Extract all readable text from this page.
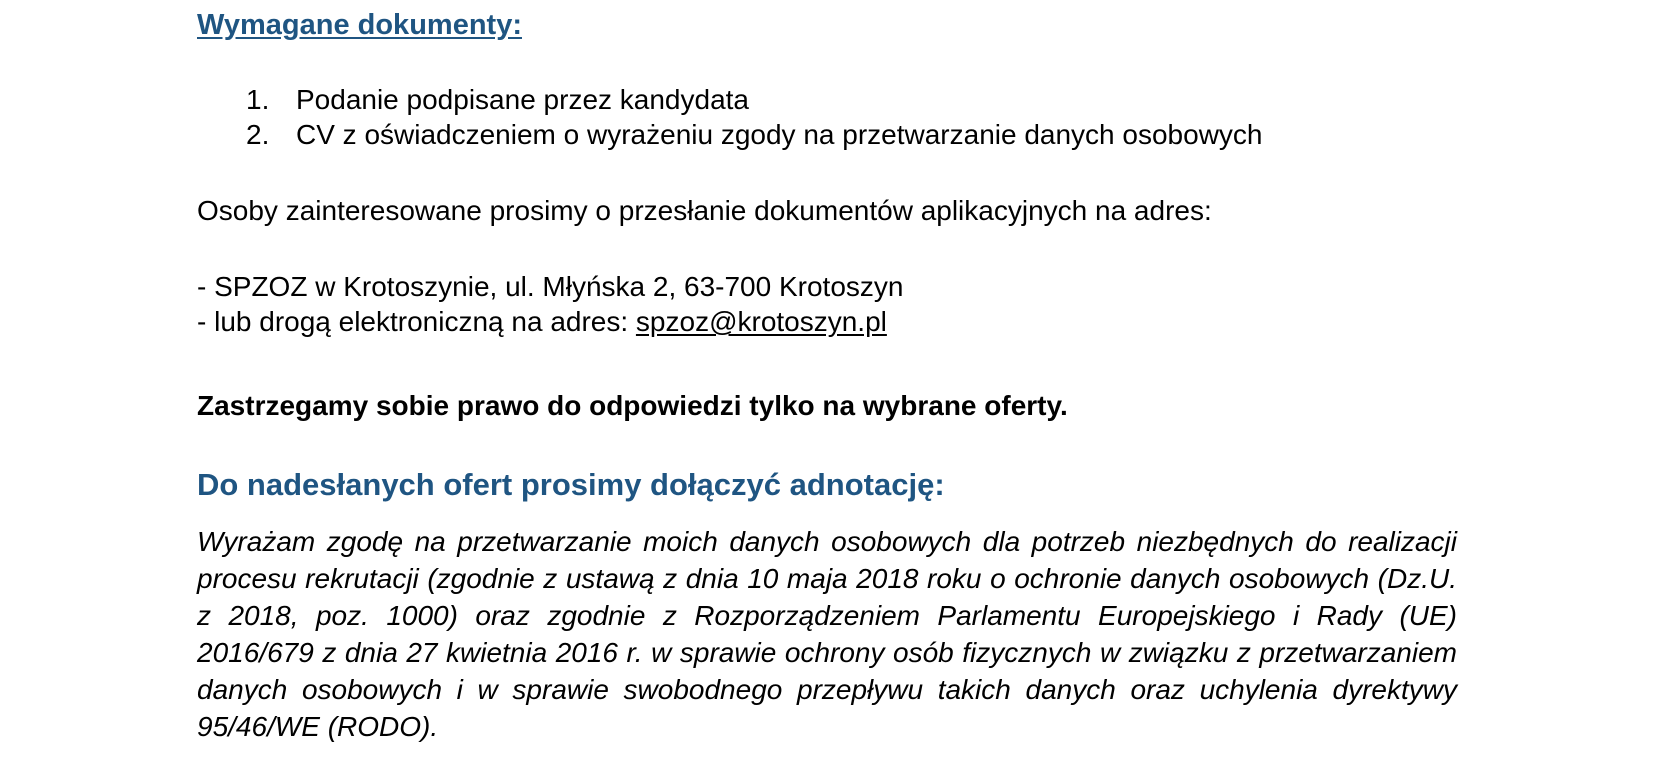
Wymagane dokumenty:
1. Podanie podpisane przez kandydata
2. CV z oświadczeniem o wyrażeniu zgody na przetwarzanie danych osobowych
Osoby zainteresowane prosimy o przesłanie dokumentów aplikacyjnych na adres:
- SPZOZ w Krotoszynie, ul. Młyńska 2, 63-700 Krotoszyn
- lub drogą elektroniczną na adres: spzoz@krotoszyn.pl
Zastrzegamy sobie prawo do odpowiedzi tylko na wybrane oferty.
Do nadesłanych ofert prosimy dołączyć adnotację:

Wyrażam zgodę na przetwarzanie moich danych osobowych dla potrzeb niezbędnych do realizacji procesu rekrutacji (zgodnie z ustawą z dnia 10 maja 2018 roku o ochronie danych osobowych (Dz.U. z 2018, poz. 1000) oraz zgodnie z Rozporządzeniem Parlamentu Europejskiego i Rady (UE) 2016/679 z dnia 27 kwietnia 2016 r. w sprawie ochrony osób fizycznych w związku z przetwarzaniem danych osobowych i w sprawie swobodnego przepływu takich danych oraz uchylenia dyrektywy 95/46/WE (RODO).
